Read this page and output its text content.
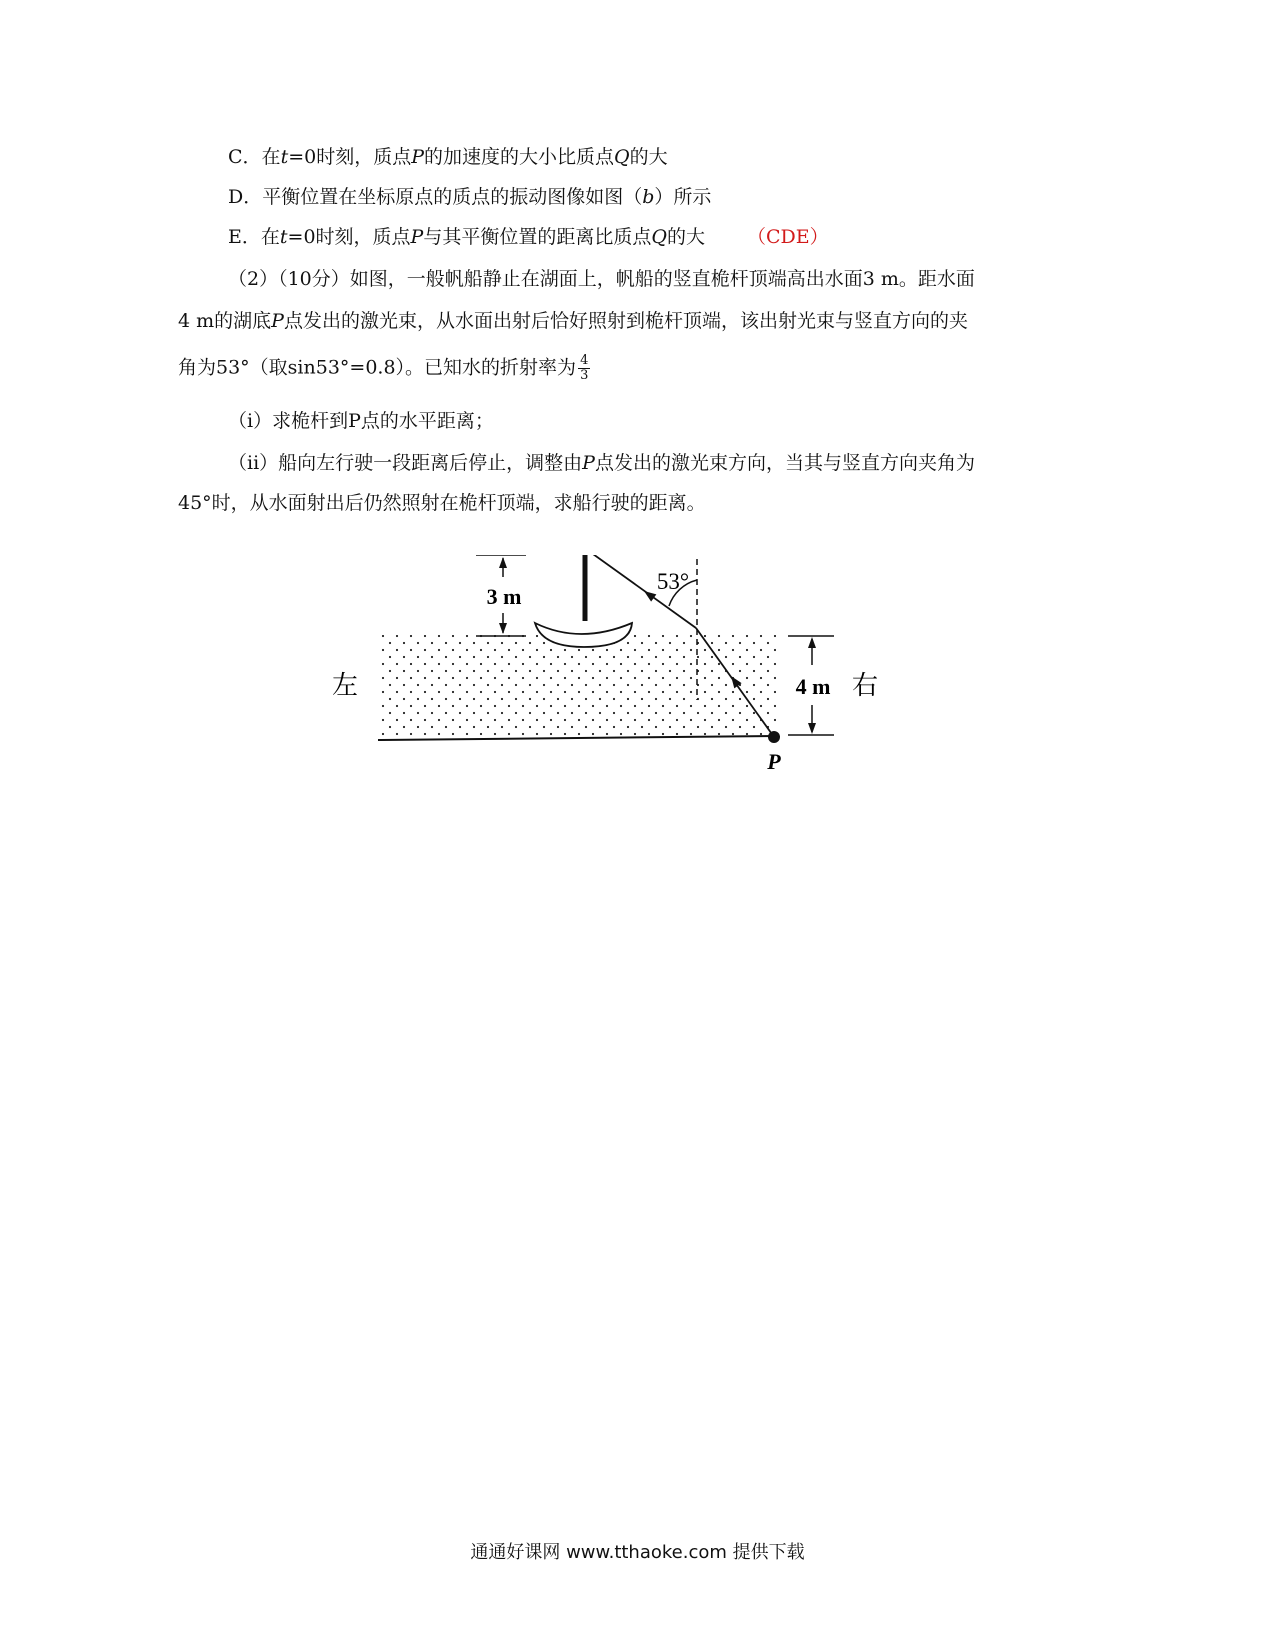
C．在t=0时刻，质点P的加速度的大小比质点Q的大
D．平衡位置在坐标原点的质点的振动图像如图（b）所示
E．在t=0时刻，质点P与其平衡位置的距离比质点Q的大 （CDE）
（2）（10分）如图，一般帆船静止在湖面上，帆船的竖直桅杆顶端高出水面3 m。距水面
4 m的湖底P点发出的激光束，从水面出射后恰好照射到桅杆顶端，该出射光束与竖直方向的夹
角为53°（取sin53°=0.8）。已知水的折射率为 $\frac{4}{3}$
（i）求桅杆到P点的水平距离；
（ii）船向左行驶一段距离后停止，调整由P点发出的激光束方向，当其与竖直方向夹角为
45°时，从水面射出后仍然照射在桅杆顶端，求船行驶的距离。
3 m
53°
4 m
左	右
P
通通好课网 www.tthaoke.com 提供下载
